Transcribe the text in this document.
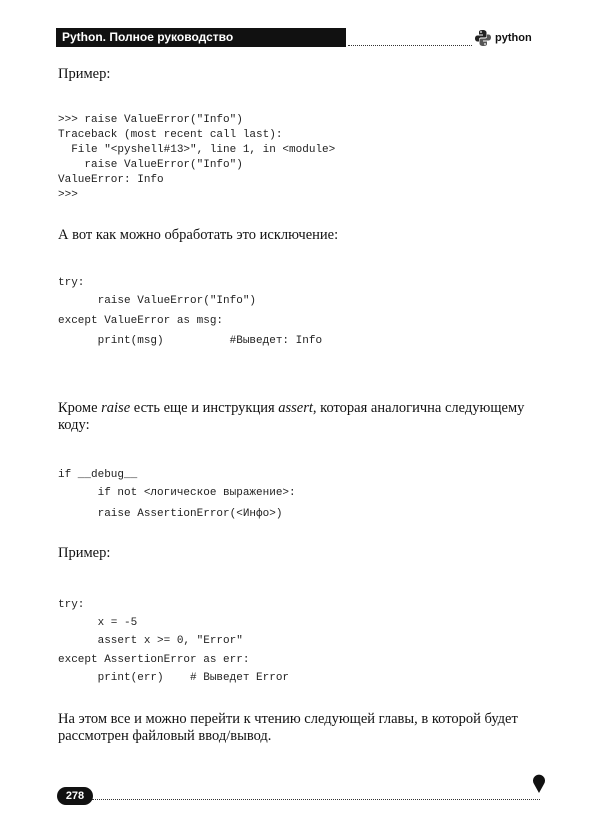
Python. Полное руководство	python
Пример:
>>> raise ValueError("Info")
Traceback (most recent call last):
File "<pyshell#13>", line 1, in <module>
raise ValueError("Info")
ValueError: Info
>>>
А вот как можно обработать это исключение:
try:
raise ValueError("Info")
except ValueError as msg:
print(msg)          #Выведет: Info
Кроме raise есть еще и инструкция assert, которая аналогична следующему коду:
if __debug__
if not <логическое выражение>:
raise AssertionError(<Инфо>)
Пример:
try:
x = -5
assert x >= 0, "Error"
except AssertionError as err:
print(err)    # Выведет Error
На этом все и можно перейти к чтению следующей главы, в которой будет рассмотрен файловый ввод/вывод.
278
